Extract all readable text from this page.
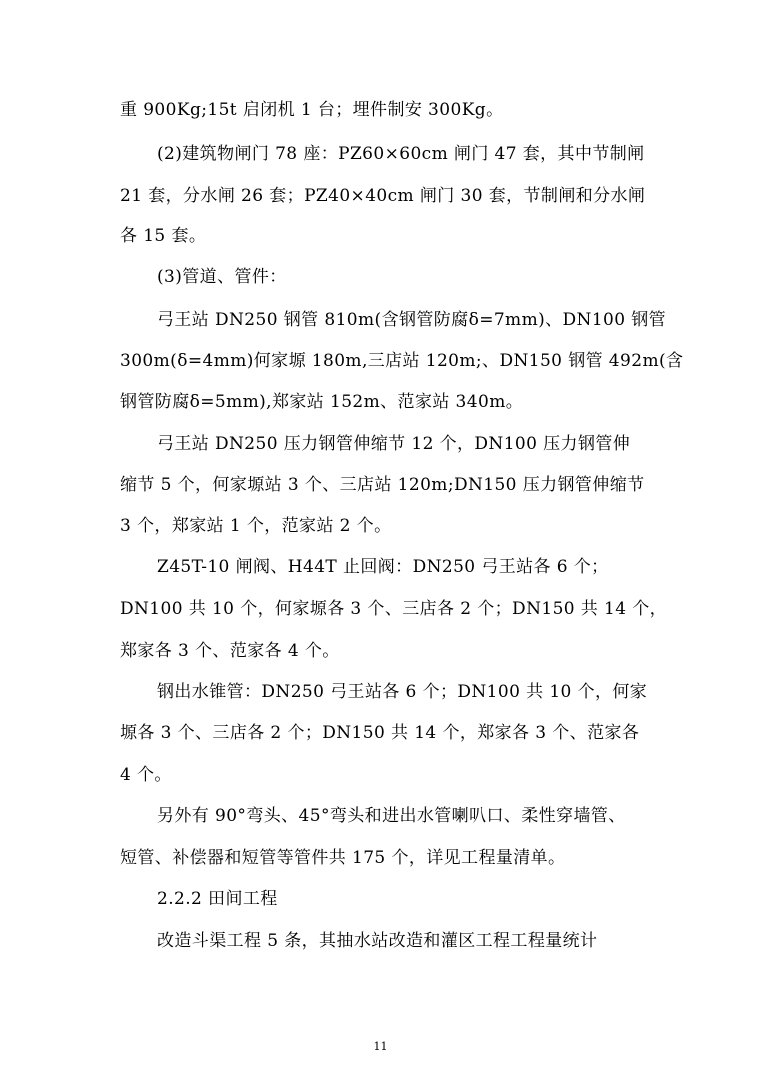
重 900Kg;15t 启闭机 1 台；埋件制安 300Kg。
(2)建筑物闸门 78 座：PZ60×60cm 闸门 47 套，其中节制闸
21 套，分水闸 26 套；PZ40×40cm 闸门 30 套，节制闸和分水闸
各 15 套。
(3)管道、管件：
弓王站 DN250 钢管 810m(含钢管防腐δ=7mm)、DN100 钢管
300m(δ=4mm)何家塬 180m,三店站 120m;、DN150 钢管 492m(含
钢管防腐δ=5mm),郑家站 152m、范家站 340m。
弓王站 DN250 压力钢管伸缩节 12 个，DN100 压力钢管伸
缩节 5 个，何家塬站 3 个、三店站 120m;DN150 压力钢管伸缩节
3 个，郑家站 1 个，范家站 2 个。
Z45T-10 闸阀、H44T 止回阀：DN250 弓王站各 6 个；
DN100 共 10 个，何家塬各 3 个、三店各 2 个；DN150 共 14 个，
郑家各 3 个、范家各 4 个。
钢出水锥管：DN250 弓王站各 6 个；DN100 共 10 个，何家
塬各 3 个、三店各 2 个；DN150 共 14 个，郑家各 3 个、范家各
4 个。
另外有 90°弯头、45°弯头和进出水管喇叭口、柔性穿墙管、
短管、补偿器和短管等管件共 175 个，详见工程量清单。
2.2.2 田间工程
改造斗渠工程 5 条，其抽水站改造和灌区工程工程量统计
11
